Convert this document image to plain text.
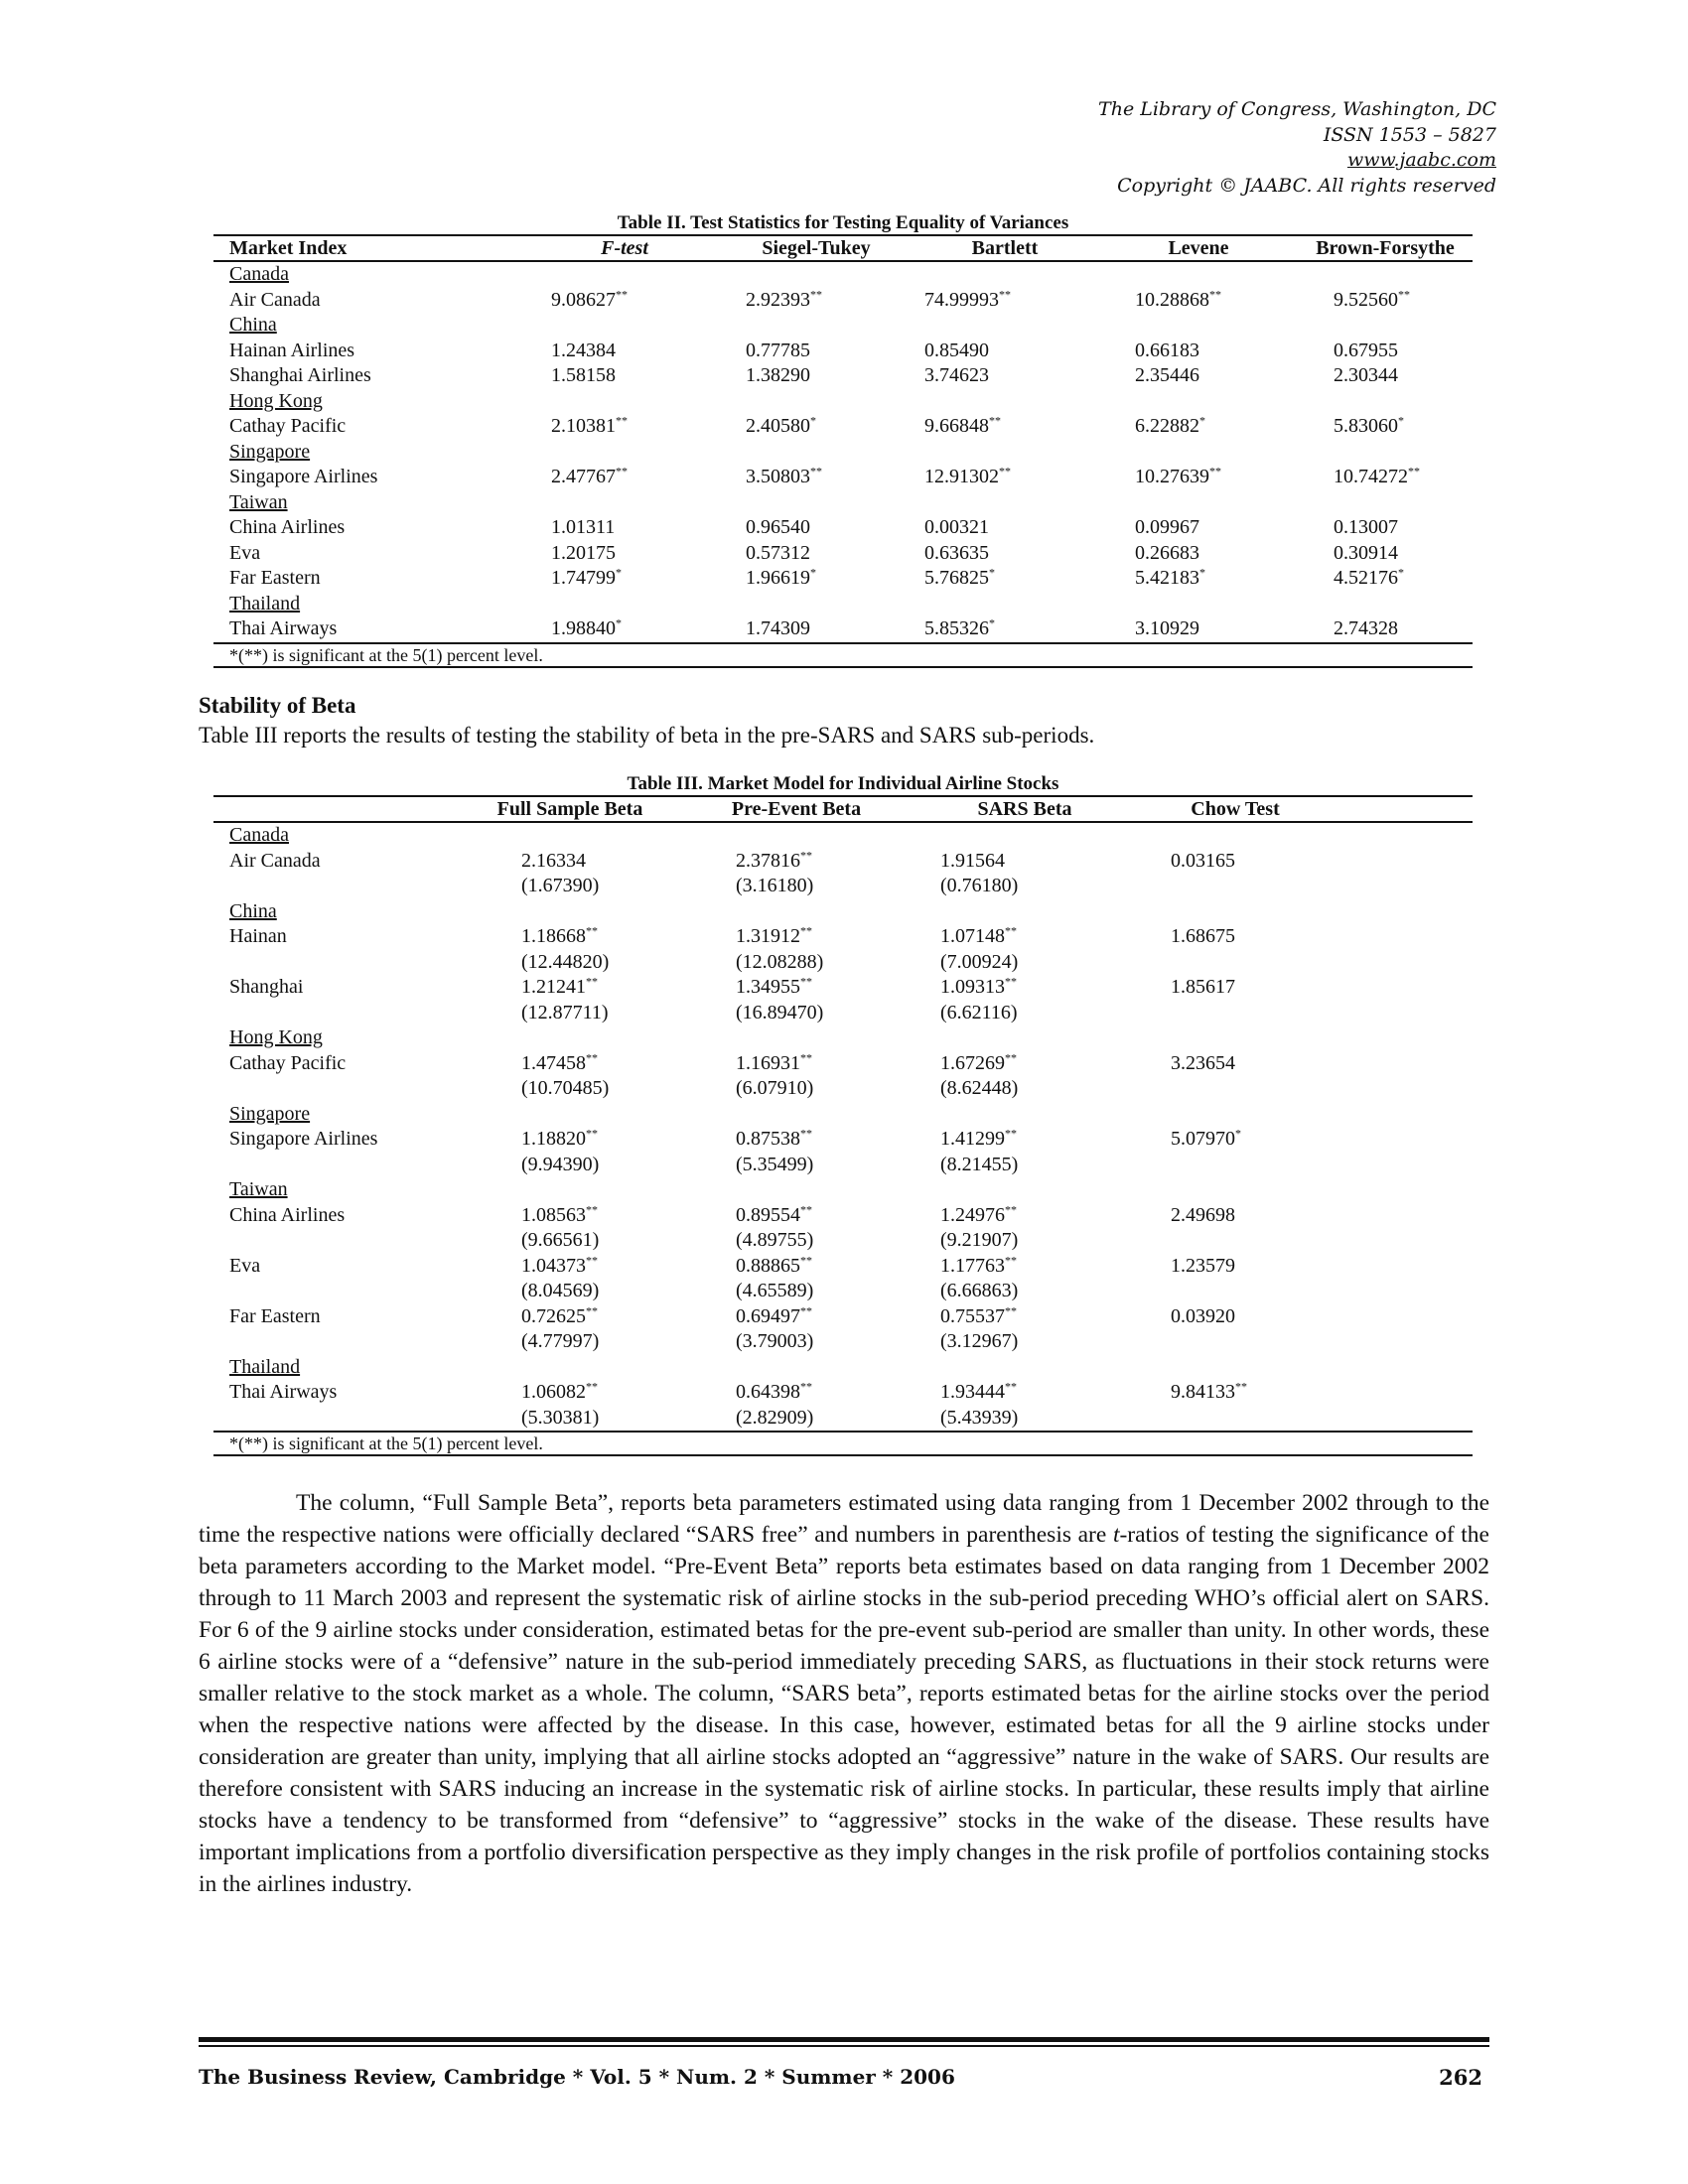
The Library of Congress, Washington, DC
ISSN 1553 – 5827
www.jaabc.com
Copyright © JAABC. All rights reserved
Table II. Test Statistics for Testing Equality of Variances
Market Index	F-test	Siegel-Tukey	Bartlett	Levene	Brown-Forsythe
Canada					
Air Canada	9.08627**	2.92393**	74.99993**	10.28868**	9.52560**
China					
Hainan Airlines	1.24384	0.77785	0.85490	0.66183	0.67955
Shanghai Airlines	1.58158	1.38290	3.74623	2.35446	2.30344
Hong Kong					
Cathay Pacific	2.10381**	2.40580*	9.66848**	6.22882*	5.83060*
Singapore					
Singapore Airlines	2.47767**	3.50803**	12.91302**	10.27639**	10.74272**
Taiwan					
China Airlines	1.01311	0.96540	0.00321	0.09967	0.13007
Eva	1.20175	0.57312	0.63635	0.26683	0.30914
Far Eastern	1.74799*	1.96619*	5.76825*	5.42183*	4.52176*
Thailand					
Thai Airways	1.98840*	1.74309	5.85326*	3.10929	2.74328
*(**) is significant at the 5(1) percent level.					
Stability of Beta
Table III reports the results of testing the stability of beta in the pre-SARS and SARS sub-periods.
Table III. Market Model for Individual Airline Stocks
	Full Sample Beta	Pre-Event Beta	SARS Beta	Chow Test	
Canada					
Air Canada	2.16334	2.37816**	1.91564	0.03165	
	(1.67390)	(3.16180)	(0.76180)		
China					
Hainan	1.18668**	1.31912**	1.07148**	1.68675	
	(12.44820)	(12.08288)	(7.00924)		
Shanghai	1.21241**	1.34955**	1.09313**	1.85617	
	(12.87711)	(16.89470)	(6.62116)		
Hong Kong					
Cathay Pacific	1.47458**	1.16931**	1.67269**	3.23654	
	(10.70485)	(6.07910)	(8.62448)		
Singapore					
Singapore Airlines	1.18820**	0.87538**	1.41299**	5.07970*	
	(9.94390)	(5.35499)	(8.21455)		
Taiwan					
China Airlines	1.08563**	0.89554**	1.24976**	2.49698	
	(9.66561)	(4.89755)	(9.21907)		
Eva	1.04373**	0.88865**	1.17763**	1.23579	
	(8.04569)	(4.65589)	(6.66863)		
Far Eastern	0.72625**	0.69497**	0.75537**	0.03920	
	(4.77997)	(3.79003)	(3.12967)		
Thailand					
Thai Airways	1.06082**	0.64398**	1.93444**	9.84133**	
	(5.30381)	(2.82909)	(5.43939)		
*(**) is significant at the 5(1) percent level.					
The column, “Full Sample Beta”, reports beta parameters estimated using data ranging from 1 December 2002 through to the time the respective nations were officially declared “SARS free” and numbers in parenthesis are t-ratios of testing the significance of the beta parameters according to the Market model. “Pre-Event Beta” reports beta estimates based on data ranging from 1 December 2002 through to 11 March 2003 and represent the systematic risk of airline stocks in the sub-period preceding WHO’s official alert on SARS. For 6 of the 9 airline stocks under consideration, estimated betas for the pre-event sub-period are smaller than unity. In other words, these 6 airline stocks were of a “defensive” nature in the sub-period immediately preceding SARS, as fluctuations in their stock returns were smaller relative to the stock market as a whole. The column, “SARS beta”, reports estimated betas for the airline stocks over the period when the respective nations were affected by the disease. In this case, however, estimated betas for all the 9 airline stocks under consideration are greater than unity, implying that all airline stocks adopted an “aggressive” nature in the wake of SARS. Our results are therefore consistent with SARS inducing an increase in the systematic risk of airline stocks. In particular, these results imply that airline stocks have a tendency to be transformed from “defensive” to “aggressive” stocks in the wake of the disease. These results have important implications from a portfolio diversification perspective as they imply changes in the risk profile of portfolios containing stocks in the airlines industry.
The Business Review, Cambridge * Vol. 5 * Num. 2 * Summer * 2006	262
